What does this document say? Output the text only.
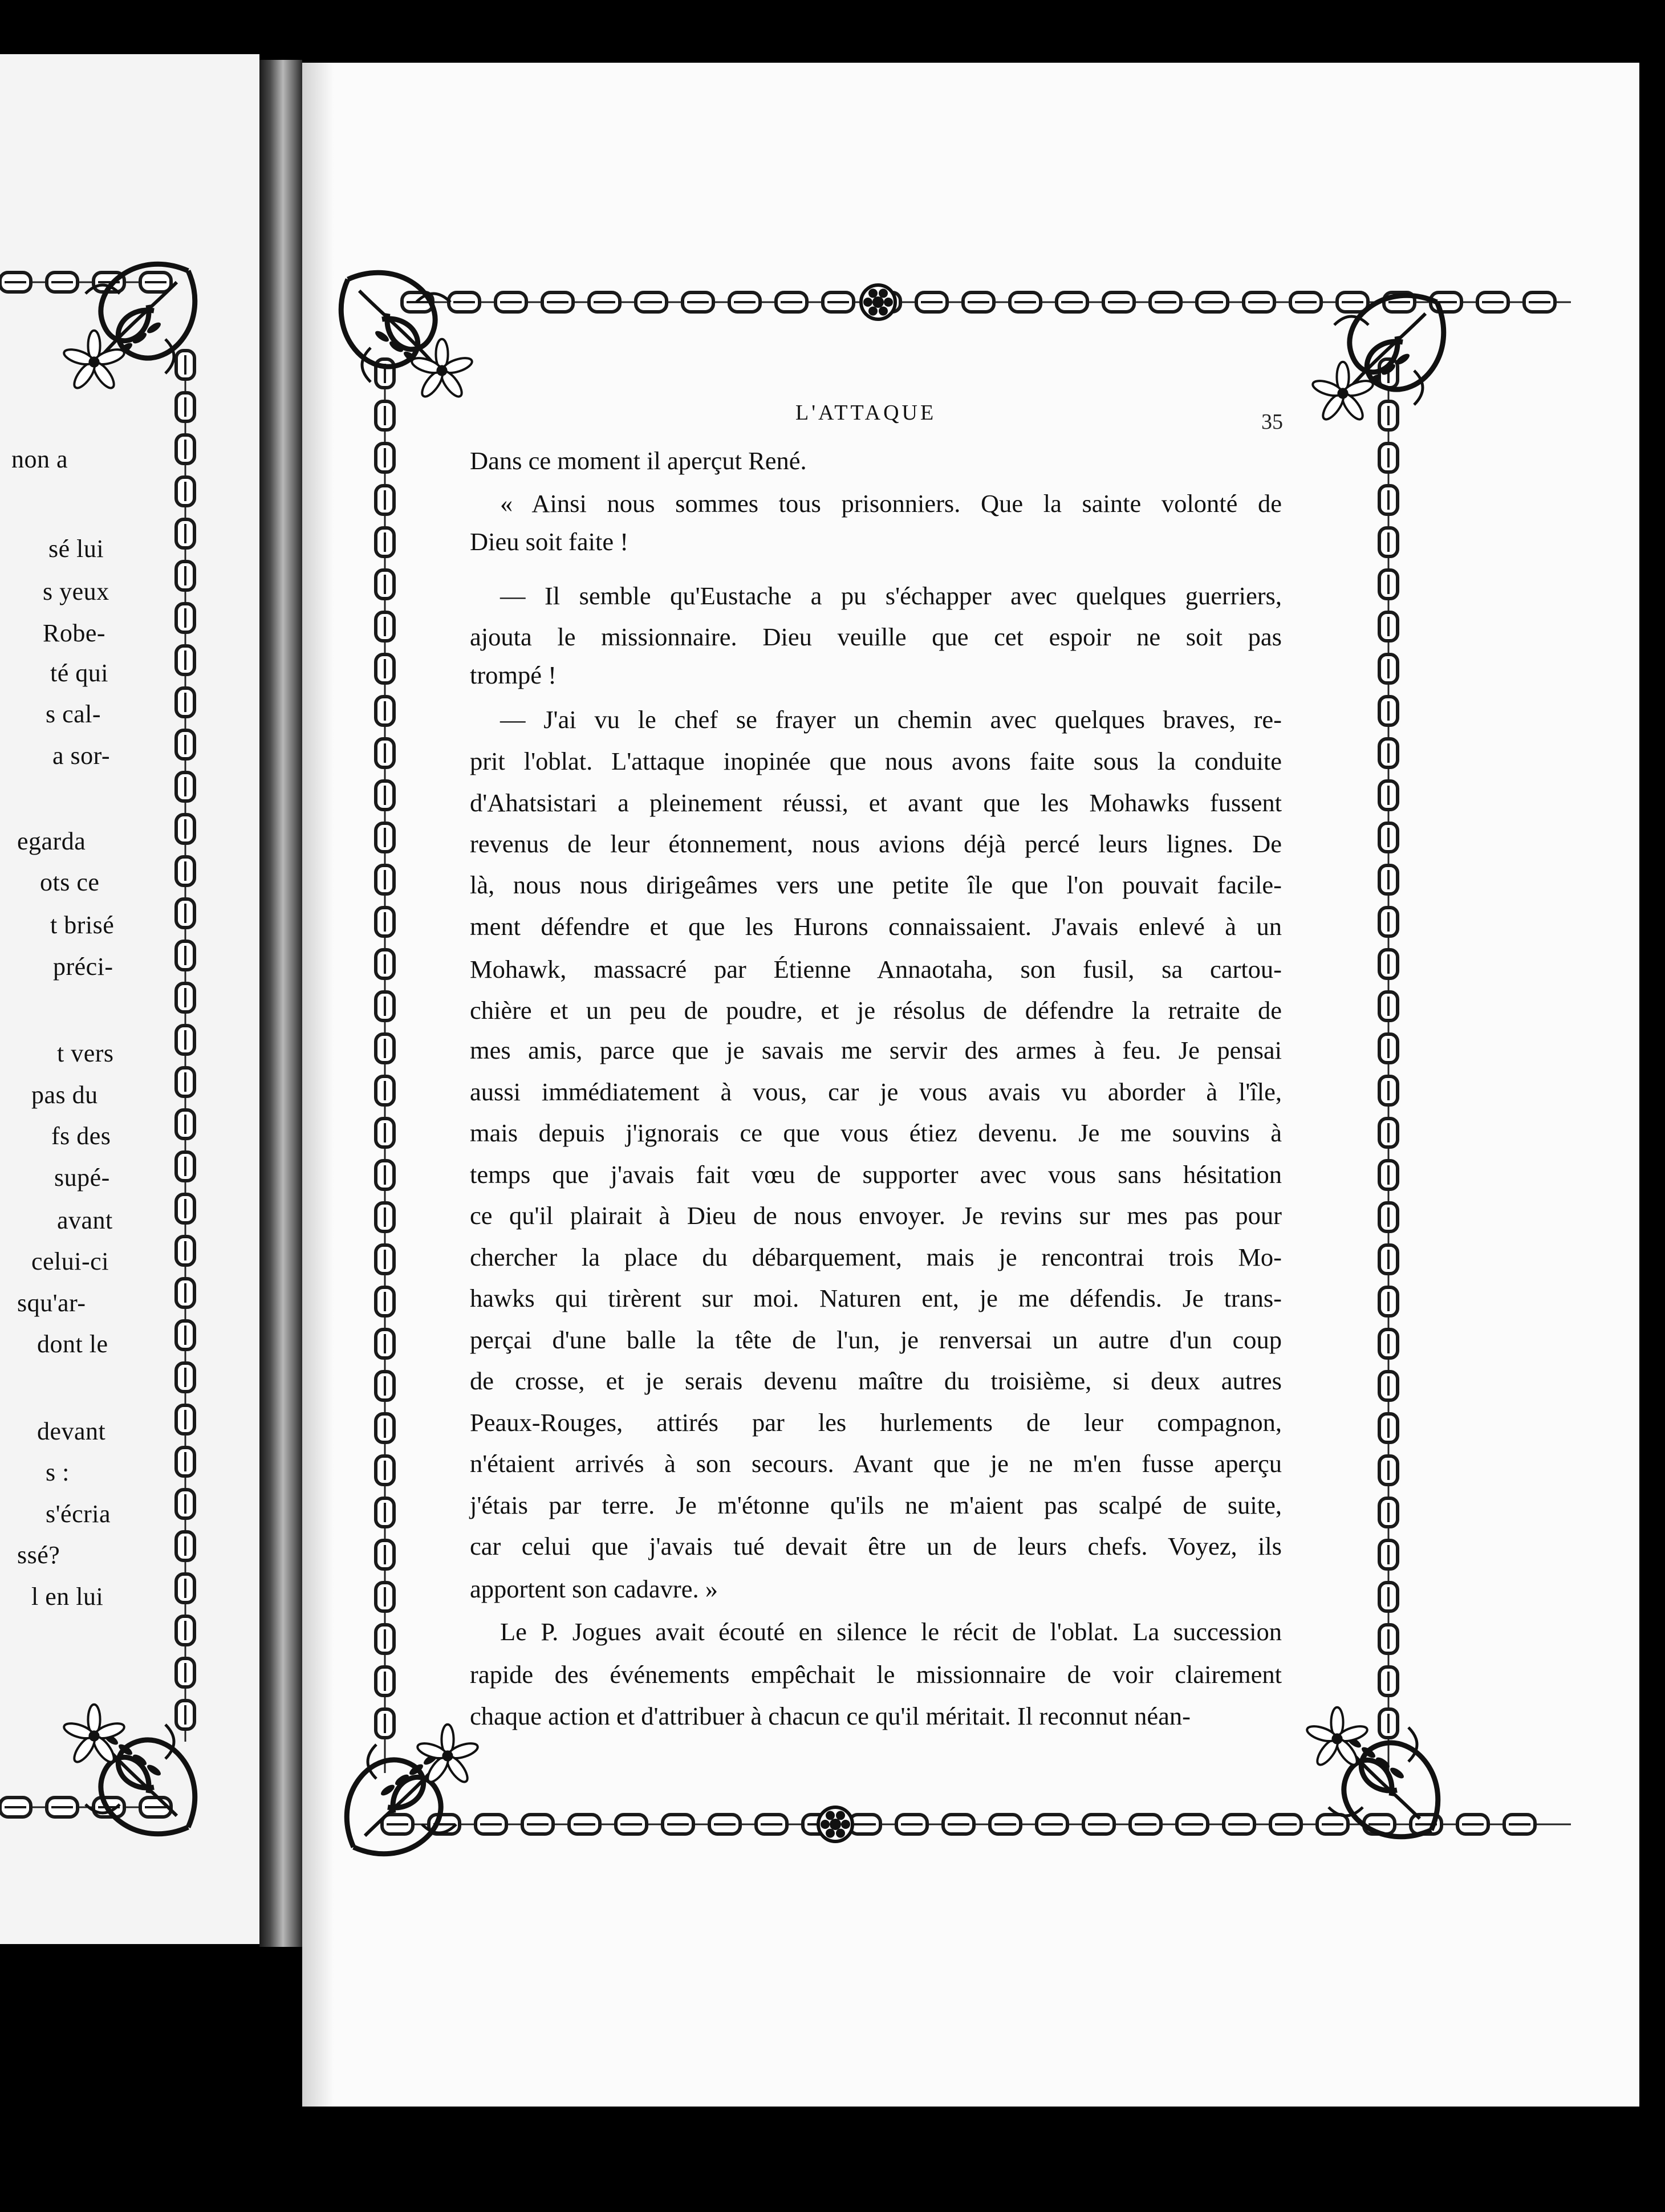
non a
sé lui
s yeux
Robe-
té qui
s cal-
a sor-
egarda
ots ce
t brisé
préci-
t vers
pas du
fs des
supé-
avant
celui-ci
squ'ar-
dont le
devant
s :
s'écria
ssé?
l en lui
L'ATTAQUE	35
Dans ce moment il aperçut René.
« Ainsi nous sommes tous prisonniers. Que la sainte volonté de
Dieu soit faite !
— Il semble qu'Eustache a pu s'échapper avec quelques guerriers,
ajouta le missionnaire. Dieu veuille que cet espoir ne soit pas
trompé !
— J'ai vu le chef se frayer un chemin avec quelques braves, re-
prit l'oblat. L'attaque inopinée que nous avons faite sous la conduite
d'Ahatsistari a pleinement réussi, et avant que les Mohawks fussent
revenus de leur étonnement, nous avions déjà percé leurs lignes. De
là, nous nous dirigeâmes vers une petite île que l'on pouvait facile-
ment défendre et que les Hurons connaissaient. J'avais enlevé à un
Mohawk, massacré par Étienne Annaotaha, son fusil, sa cartou-
chière et un peu de poudre, et je résolus de défendre la retraite de
mes amis, parce que je savais me servir des armes à feu. Je pensai
aussi immédiatement à vous, car je vous avais vu aborder à l'île,
mais depuis j'ignorais ce que vous étiez devenu. Je me souvins à
temps que j'avais fait vœu de supporter avec vous sans hésitation
ce qu'il plairait à Dieu de nous envoyer. Je revins sur mes pas pour
chercher la place du débarquement, mais je rencontrai trois Mo-
hawks qui tirèrent sur moi. Naturen ent, je me défendis. Je trans-
perçai d'une balle la tête de l'un, je renversai un autre d'un coup
de crosse, et je serais devenu maître du troisième, si deux autres
Peaux-Rouges, attirés par les hurlements de leur compagnon,
n'étaient arrivés à son secours. Avant que je ne m'en fusse aperçu
j'étais par terre. Je m'étonne qu'ils ne m'aient pas scalpé de suite,
car celui que j'avais tué devait être un de leurs chefs. Voyez, ils
apportent son cadavre. »
Le P. Jogues avait écouté en silence le récit de l'oblat. La succession
rapide des événements empêchait le missionnaire de voir clairement
chaque action et d'attribuer à chacun ce qu'il méritait. Il reconnut néan-
